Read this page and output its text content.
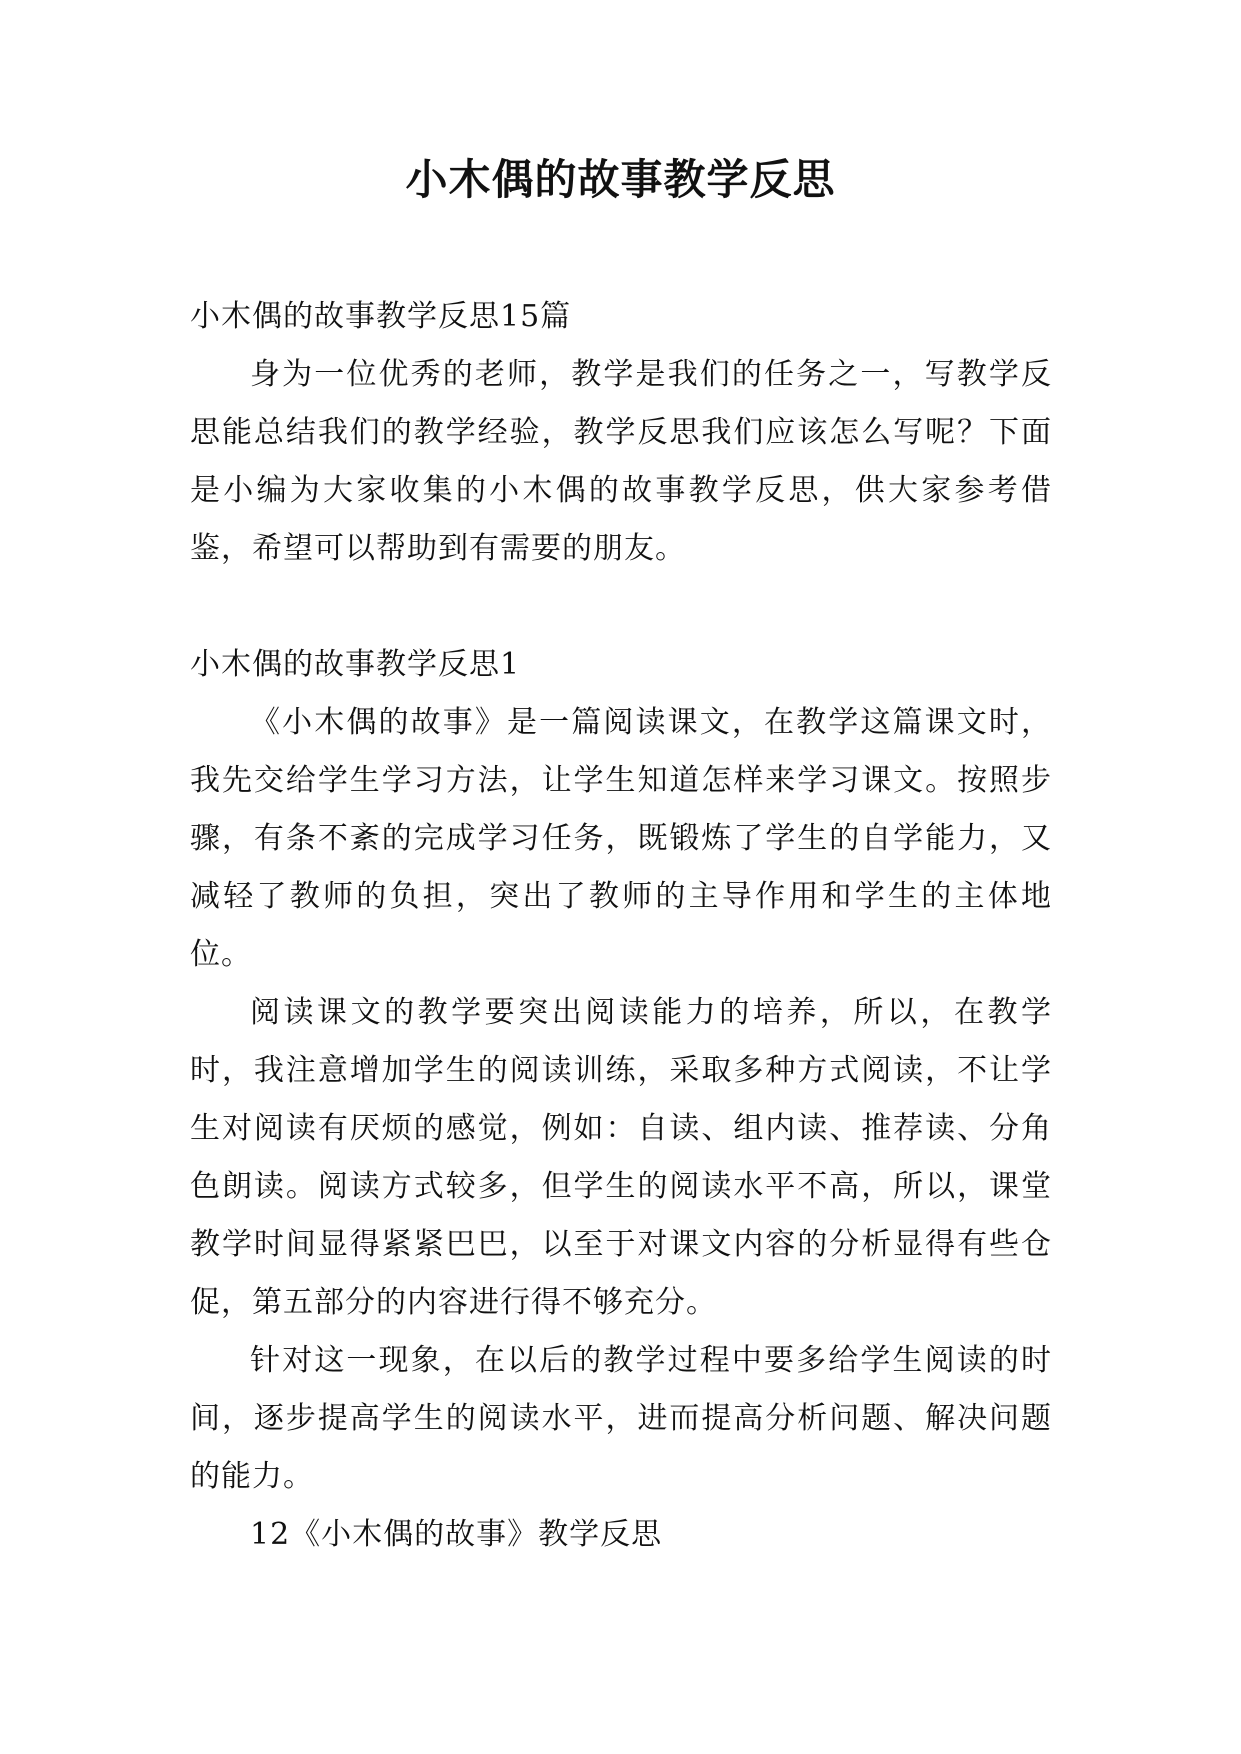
小木偶的故事教学反思

小木偶的故事教学反思15篇

身为一位优秀的老师，教学是我们的任务之一，写教学反思能总结我们的教学经验，教学反思我们应该怎么写呢？下面是小编为大家收集的小木偶的故事教学反思，供大家参考借鉴，希望可以帮助到有需要的朋友。

小木偶的故事教学反思1

《小木偶的故事》是一篇阅读课文，在教学这篇课文时，我先交给学生学习方法，让学生知道怎样来学习课文。按照步骤，有条不紊的完成学习任务，既锻炼了学生的自学能力，又减轻了教师的负担，突出了教师的主导作用和学生的主体地位。

阅读课文的教学要突出阅读能力的培养，所以，在教学时，我注意增加学生的阅读训练，采取多种方式阅读，不让学生对阅读有厌烦的感觉，例如：自读、组内读、推荐读、分角色朗读。阅读方式较多，但学生的阅读水平不高，所以，课堂教学时间显得紧紧巴巴，以至于对课文内容的分析显得有些仓促，第五部分的内容进行得不够充分。

针对这一现象，在以后的教学过程中要多给学生阅读的时间，逐步提高学生的阅读水平，进而提高分析问题、解决问题的能力。

12《小木偶的故事》教学反思
